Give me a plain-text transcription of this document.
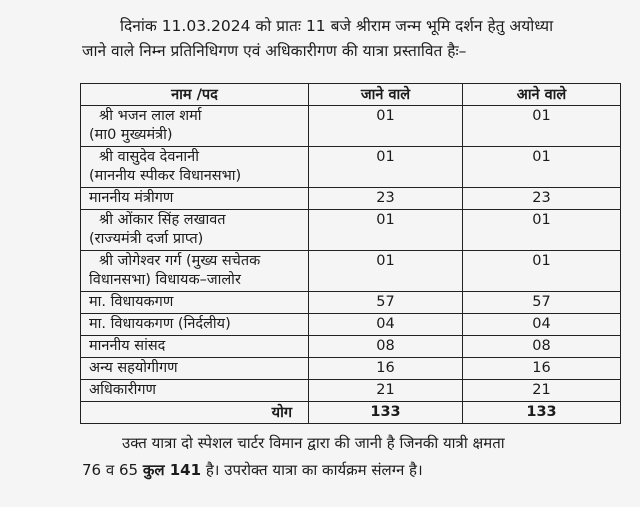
दिनांक 11.03.2024 को प्रातः 11 बजे श्रीराम जन्म भूमि दर्शन हेतु अयोध्या
जाने वाले निम्न प्रतिनिधिगण एवं अधिकारीगण की यात्रा प्रस्तावित हैः–
नाम /पद	जाने वाले	आने वाले

श्री भजन लाल शर्मा
(मा0 मुख्यमंत्री)	01	01

श्री वासुदेव देवनानी
(माननीय स्पीकर विधानसभा)	01	01
माननीय मंत्रीगण	23	23

श्री ओंकार सिंह लखावत
(राज्यमंत्री दर्जा प्राप्त)	01	01

श्री जोगेश्वर गर्ग (मुख्य सचेतक
विधानसभा) विधायक–जालोर	01	01
मा. विधायकगण	57	57
मा. विधायकगण (निर्दलीय)	04	04
माननीय सांसद	08	08
अन्य सहयोगीगण	16	16
अधिकारीगण	21	21
योग	133	133
उक्त यात्रा दो स्पेशल चार्टर विमान द्वारा की जानी है जिनकी यात्री क्षमता
76 व 65 कुल 141 है। उपरोक्त यात्रा का कार्यक्रम संलग्न है।
